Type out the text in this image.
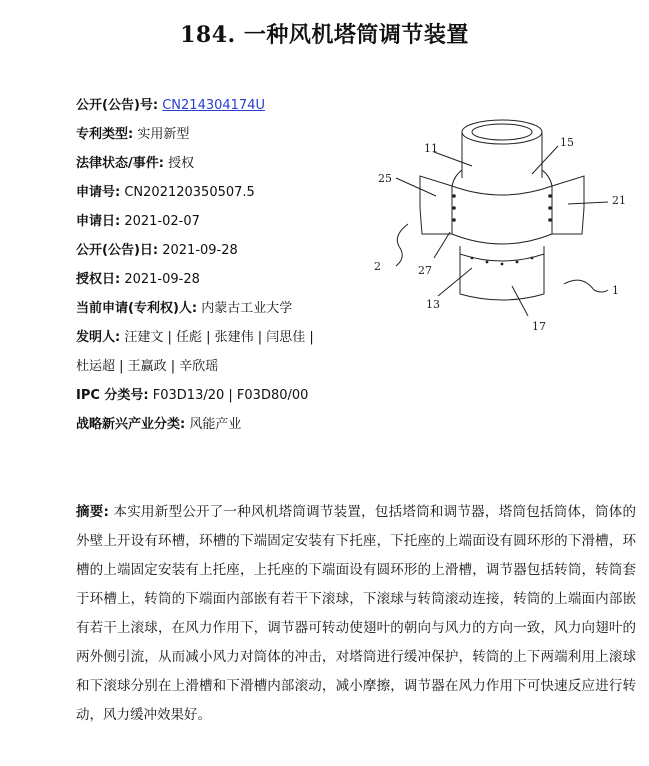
184. 一种风机塔筒调节装置
公开(公告)号: CN214304174U
专利类型: 实用新型
法律状态/事件: 授权
申请号: CN202120350507.5
申请日: 2021-02-07
公开(公告)日: 2021-09-28
授权日: 2021-09-28
当前申请(专利权)人: 内蒙古工业大学
发明人: 汪建文 | 任彪 | 张建伟 | 闫思佳 |
杜运超 | 王赢政 | 辛欣瑶
IPC 分类号: F03D13/20 | F03D80/00
战略新兴产业分类: 风能产业
11	15
25
21
2	27
13
17
1
摘要: 本实用新型公开了一种风机塔筒调节装置，包括塔筒和调节器，塔筒包括筒体，筒体的外壁上开设有环槽，环槽的下端固定安装有下托座，下托座的上端面设有圆环形的下滑槽，环槽的上端固定安装有上托座，上托座的下端面设有圆环形的上滑槽，调节器包括转筒，转筒套于环槽上，转筒的下端面内部嵌有若干下滚球，下滚球与转筒滚动连接，转筒的上端面内部嵌有若干上滚球，在风力作用下，调节器可转动使翅叶的朝向与风力的方向一致，风力向翅叶的两外侧引流，从而减小风力对筒体的冲击，对塔筒进行缓冲保护，转筒的上下两端利用上滚球和下滚球分别在上滑槽和下滑槽内部滚动，减小摩擦，调节器在风力作用下可快速反应进行转动，风力缓冲效果好。
